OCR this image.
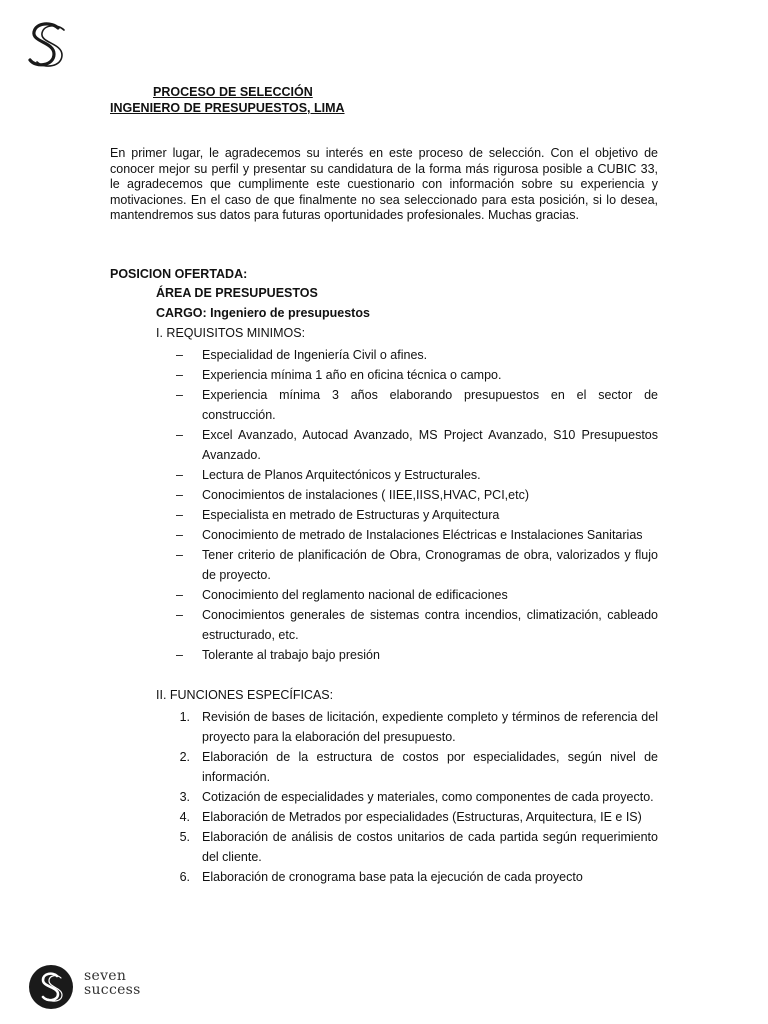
PROCESO DE SELECCIÓN
INGENIERO DE PRESUPUESTOS, LIMA

En primer lugar, le agradecemos su interés en este proceso de selección. Con el objetivo de conocer mejor su perfil y presentar su candidatura de la forma más rigurosa posible a CUBIC 33, le agradecemos que cumplimente este cuestionario con información sobre su experiencia y motivaciones. En el caso de que finalmente no sea seleccionado para esta posición, si lo desea, mantendremos sus datos para futuras oportunidades profesionales. Muchas gracias.

POSICION OFERTADA:
ÁREA DE PRESUPUESTOS
CARGO: Ingeniero de presupuestos
I. REQUISITOS MINIMOS:
–	Especialidad de Ingeniería Civil o afines.
–	Experiencia mínima 1 año en oficina técnica o campo.
–	Experiencia mínima 3 años elaborando presupuestos en el sector de construcción.
–	Excel Avanzado, Autocad Avanzado, MS Project Avanzado, S10 Presupuestos Avanzado.
–	Lectura de Planos Arquitectónicos y Estructurales.
–	Conocimientos de instalaciones ( IIEE,IISS,HVAC, PCI,etc)
–	Especialista en metrado de Estructuras y Arquitectura
–	Conocimiento de metrado de Instalaciones Eléctricas e Instalaciones Sanitarias
–	Tener criterio de planificación de Obra, Cronogramas de obra, valorizados y flujo de proyecto.
–	Conocimiento del reglamento nacional de edificaciones
–	Conocimientos generales de sistemas contra incendios, climatización, cableado estructurado, etc.
–	Tolerante al trabajo bajo presión
II. FUNCIONES ESPECÍFICAS:
1. Revisión de bases de licitación, expediente completo y términos de referencia del proyecto para la elaboración del presupuesto.
2. Elaboración de la estructura de costos por especialidades, según nivel de información.
3. Cotización de especialidades y materiales, como componentes de cada proyecto.
4. Elaboración de Metrados por especialidades (Estructuras, Arquitectura, IE e IS)
5. Elaboración de análisis de costos unitarios de cada partida según requerimiento del cliente.
6. Elaboración de cronograma base pata la ejecución de cada proyecto
seven
success
